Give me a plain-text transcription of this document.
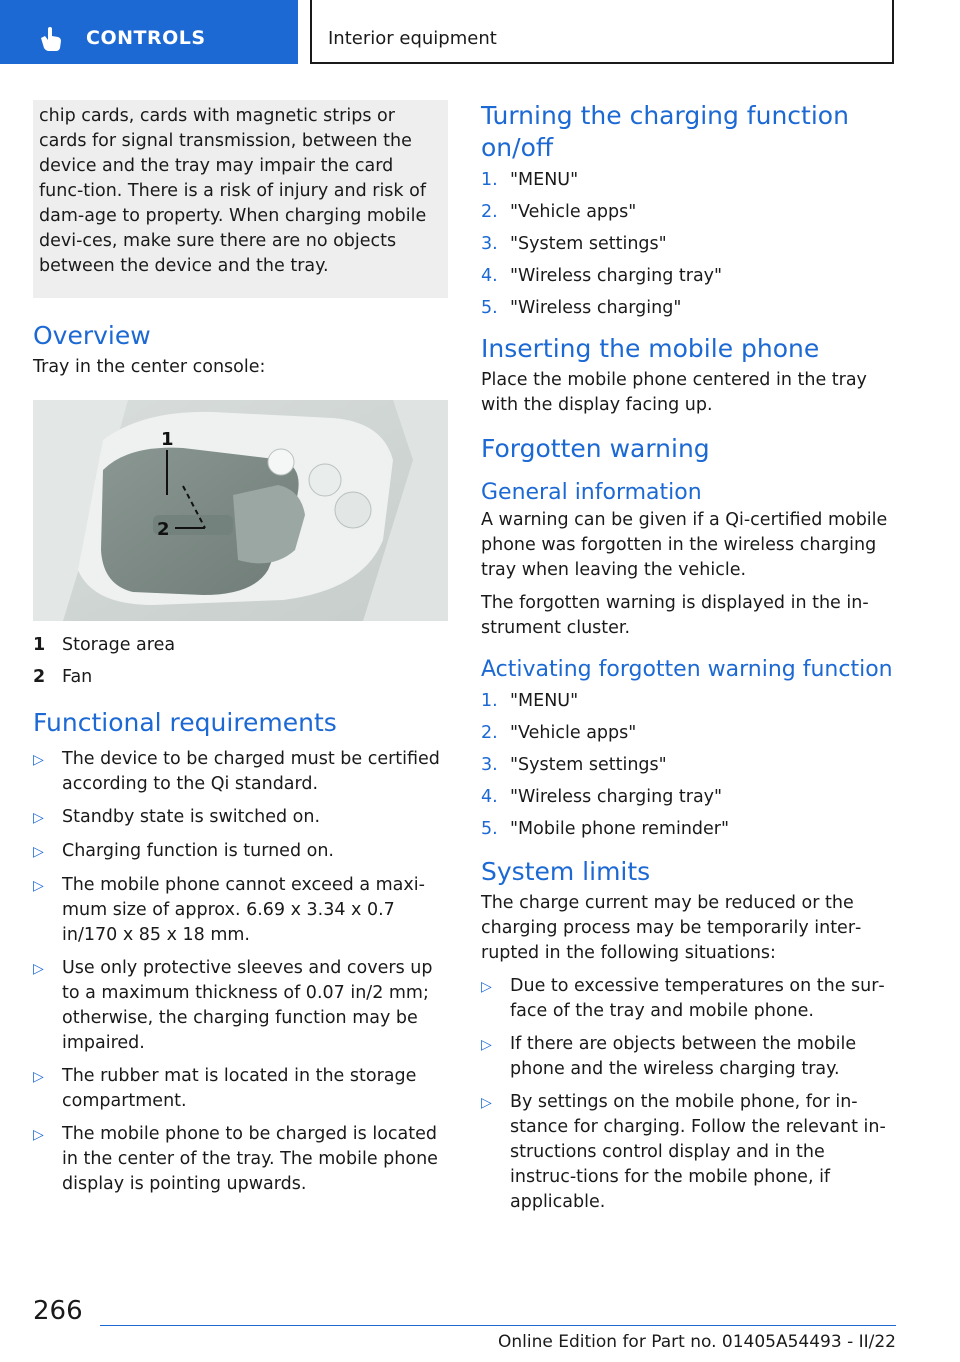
CONTROLS	Interior equipment
chip cards, cards with magnetic strips or cards for signal transmission, between the device and the tray may impair the card func‐tion. There is a risk of injury and risk of dam‐age to property. When charging mobile devi‐ces, make sure there are no objects between the device and the tray.
Overview

Tray in the center console:

1
2
1 Storage area
2 Fan
Functional requirements
▷	The device to be charged must be certified according to the Qi standard.
▷	Standby state is switched on.
▷	Charging function is turned on.
▷	The mobile phone cannot exceed a maxi‐mum size of approx. 6.69 x 3.34 x 0.7 in/170 x 85 x 18 mm.
▷	Use only protective sleeves and covers up to a maximum thickness of 0.07 in/2 mm; otherwise, the charging function may be impaired.
▷	The rubber mat is located in the storage compartment.
▷	The mobile phone to be charged is located in the center of the tray. The mobile phone display is pointing upwards.
Turning the charging function on/off
1. "MENU"
2. "Vehicle apps"
3. "System settings"
4. "Wireless charging tray"
5. "Wireless charging"
Inserting the mobile phone

Place the mobile phone centered in the tray with the display facing up.

Forgotten warning
General information

A warning can be given if a Qi-certified mobile phone was forgotten in the wireless charging tray when leaving the vehicle.

The forgotten warning is displayed in the in‐strument cluster.

Activating forgotten warning function
1. "MENU"
2. "Vehicle apps"
3. "System settings"
4. "Wireless charging tray"
5. "Mobile phone reminder"
System limits

The charge current may be reduced or the charging process may be temporarily inter‐rupted in the following situations:

▷	Due to excessive temperatures on the sur‐face of the tray and mobile phone.
▷	If there are objects between the mobile phone and the wireless charging tray.
▷	By settings on the mobile phone, for in‐stance for charging. Follow the relevant in‐structions control display and in the instruc‐tions for the mobile phone, if applicable.
266
Online Edition for Part no. 01405A54493 - II/22
